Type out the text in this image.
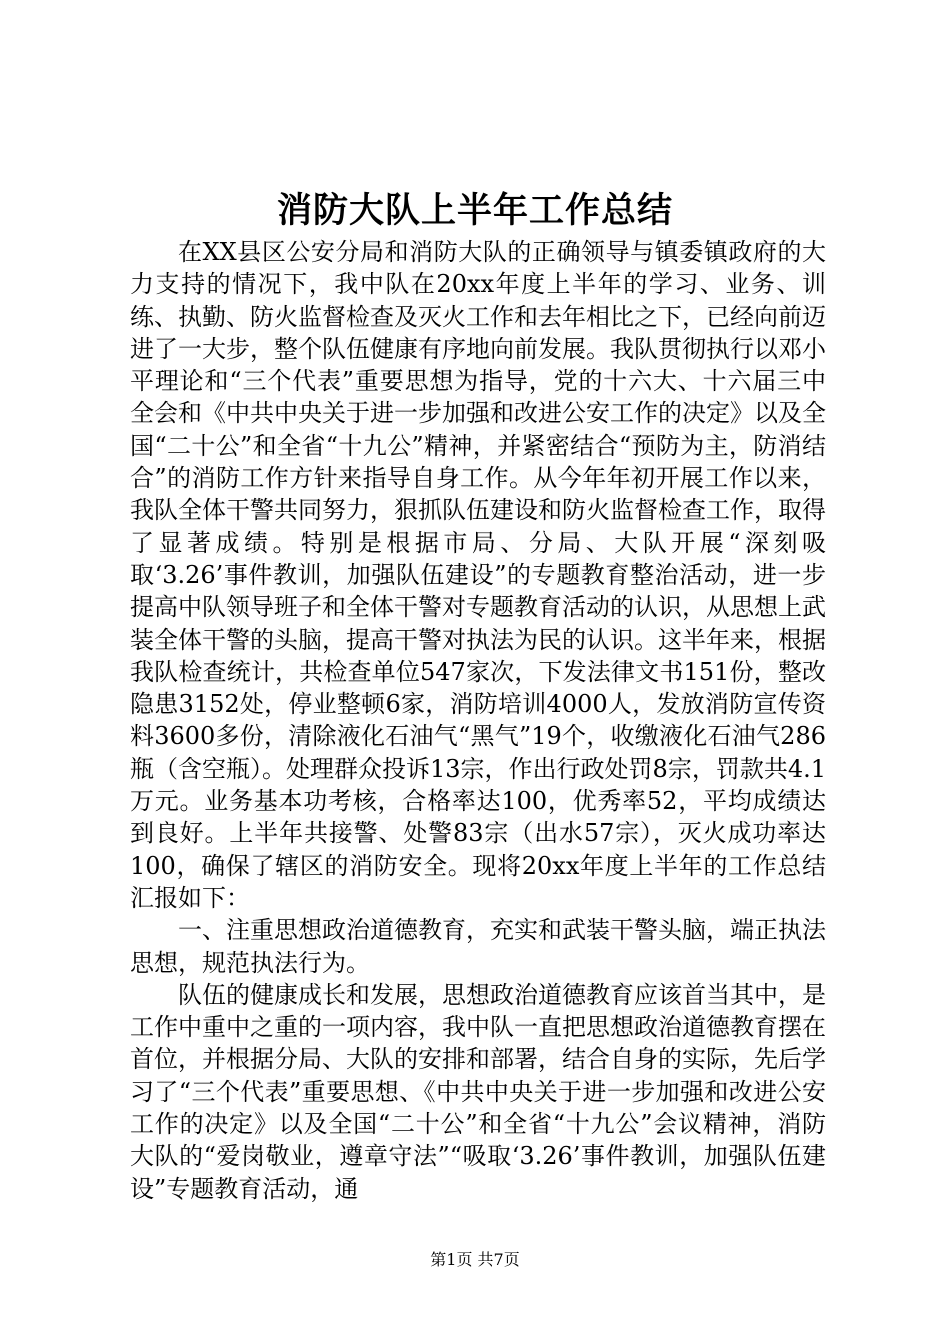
消防大队上半年工作总结

在XX县区公安分局和消防大队的正确领导与镇委镇政府的大力支持的情况下，我中队在20xx年度上半年的学习、业务、训练、执勤、防火监督检查及灭火工作和去年相比之下，已经向前迈进了一大步，整个队伍健康有序地向前发展。我队贯彻执行以邓小平理论和“三个代表”重要思想为指导，党的十六大、十六届三中全会和《中共中央关于进一步加强和改进公安工作的决定》以及全国“二十公”和全省“十九公”精神，并紧密结合“预防为主，防消结合”的消防工作方针来指导自身工作。从今年年初开展工作以来，我队全体干警共同努力，狠抓队伍建设和防火监督检查工作，取得了显著成绩。特别是根据市局、分局、大队开展“深刻吸取‘3.26’事件教训，加强队伍建设”的专题教育整治活动，进一步提高中队领导班子和全体干警对专题教育活动的认识，从思想上武装全体干警的头脑，提高干警对执法为民的认识。这半年来，根据我队检查统计，共检查单位547家次，下发法律文书151份，整改隐患3152处，停业整顿6家，消防培训4000人，发放消防宣传资料3600多份，清除液化石油气“黑气”19个，收缴液化石油气286瓶（含空瓶）。处理群众投诉13宗，作出行政处罚8宗，罚款共4.1万元。业务基本功考核，合格率达100，优秀率52，平均成绩达到良好。上半年共接警、处警83宗（出水57宗），灭火成功率达100，确保了辖区的消防安全。现将20xx年度上半年的工作总结汇报如下：

一、注重思想政治道德教育，充实和武装干警头脑，端正执法思想，规范执法行为。

队伍的健康成长和发展，思想政治道德教育应该首当其中，是工作中重中之重的一项内容，我中队一直把思想政治道德教育摆在首位，并根据分局、大队的安排和部署，结合自身的实际，先后学习了“三个代表”重要思想、《中共中央关于进一步加强和改进公安工作的决定》以及全国“二十公”和全省“十九公”会议精神，消防大队的“爱岗敬业，遵章守法”“吸取‘3.26’事件教训，加强队伍建设”专题教育活动，通

第1页 共7页
